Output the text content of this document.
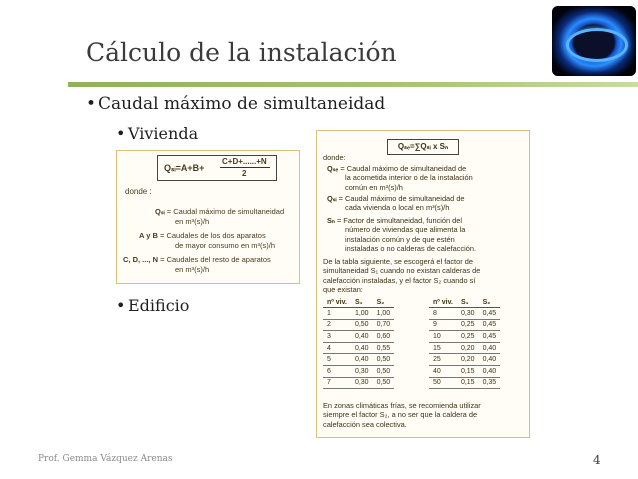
Cálculo de la instalación
• Caudal máximo de simultaneidad
• Vivienda
Qₛᵢ=A+B+
C+D+......+N
2
donde :
Qₛᵢ = Caudal máximo de simultaneidad
en m³(s)/h
A y B = Caudales de los dos aparatos
de mayor consumo en m³(s)/h
C, D, ..., N = Caudales del resto de aparatos
en m³(s)/h
• Edificio
Qₛₑ=∑Qₛᵢ x Sₙ
donde:
Qₛₑ = Caudal máximo de simultaneidad de
la acometida interior o de la instalación
común en m³(s)/h
Qₛᵢ = Caudal máximo de simultaneidad de
cada vivienda o local en m³(s)/h
Sₙ = Factor de simultaneidad, función del
número de viviendas que alimenta la
instalación común y de que estén
instaladas o no calderas de calefacción.
De la tabla siguiente, se escogerá el factor de
simultaneidad S₁ cuando no existan calderas de
calefacción instaladas, y el factor S₂ cuando sí
que existan:
nº viv.	S₁	S₂
1	1,00	1,00
2	0,50	0,70
3	0,40	0,60
4	0,40	0,55
5	0,40	0,50
6	0,30	0,50
7	0,30	0,50
nº viv.	S₁	S₂
8	0,30	0,45
9	0,25	0,45
10	0,25	0,45
15	0,20	0,40
25	0,20	0,40
40	0,15	0,40
50	0,15	0,35
En zonas climáticas frías, se recomienda utilizar
siempre el factor S₂, a no ser que la caldera de
calefacción sea colectiva.
Prof. Gemma Vázquez Arenas	4
